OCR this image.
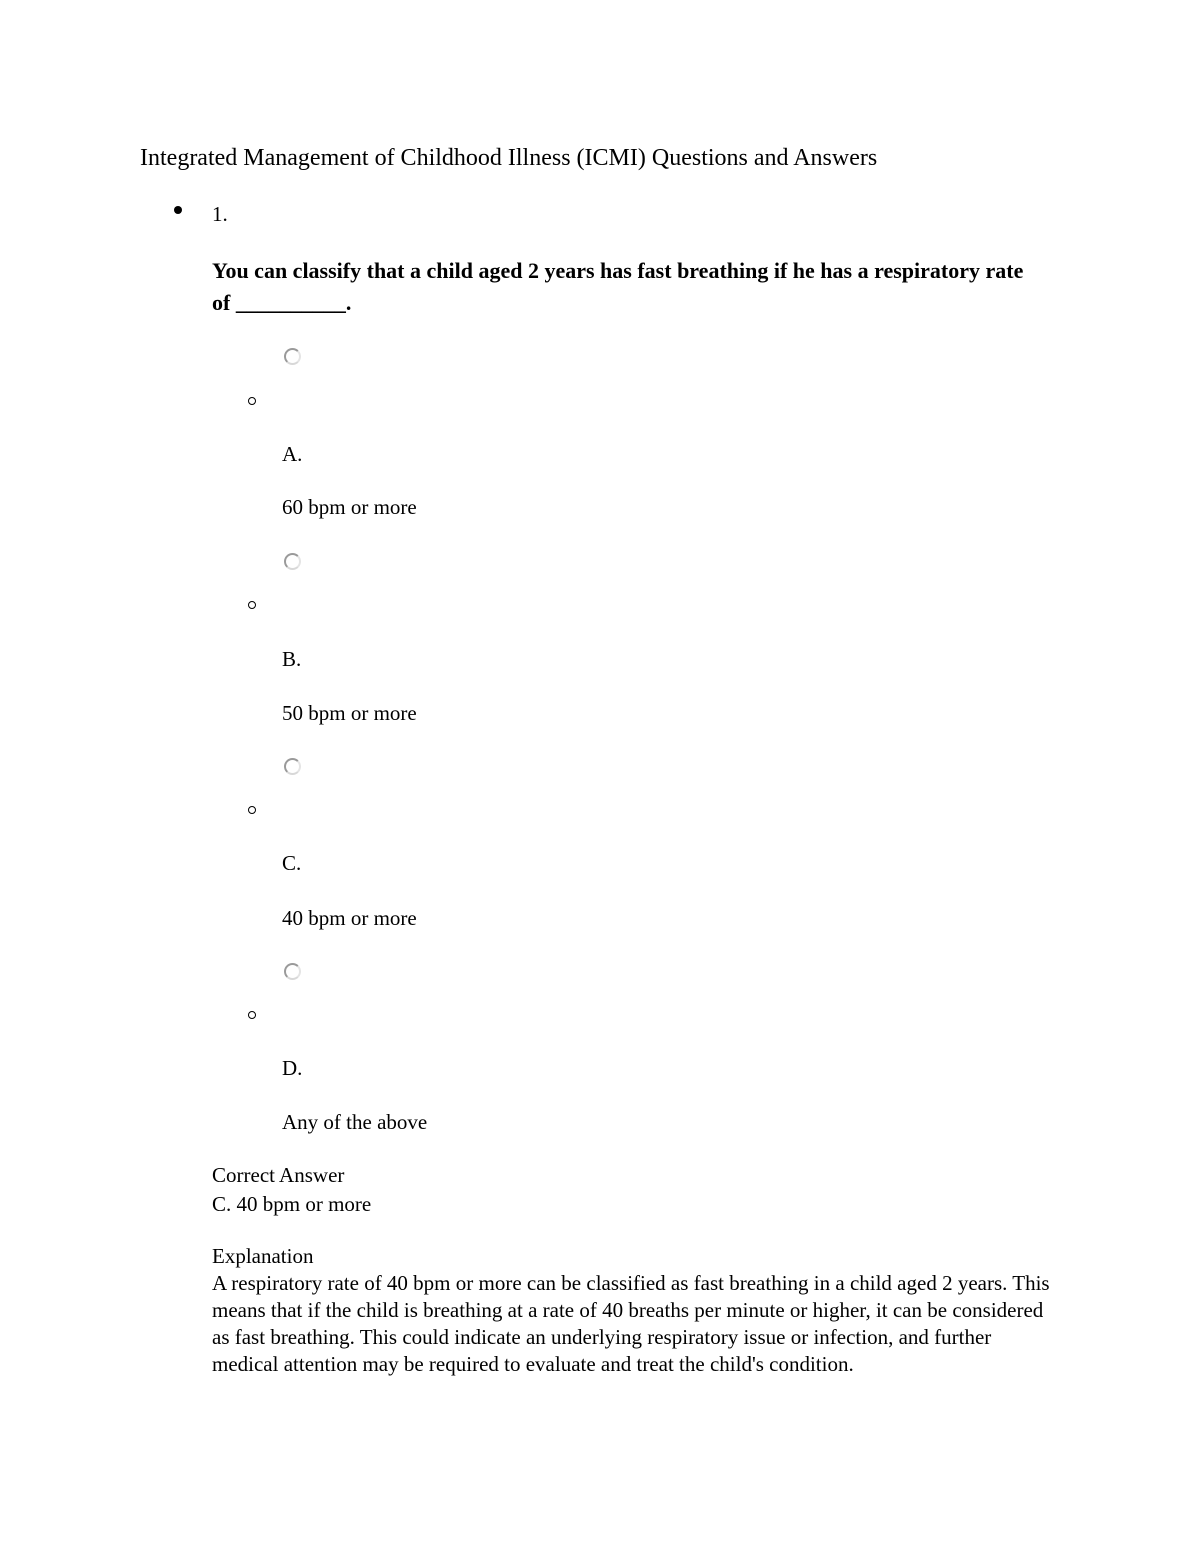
Integrated Management of Childhood Illness (ICMI) Questions and Answers
1.
You can classify that a child aged 2 years has fast breathing if he has a respiratory rate of __________.
A.
60 bpm or more
B.
50 bpm or more
C.
40 bpm or more
D.
Any of the above
Correct Answer
C. 40 bpm or more
Explanation
A respiratory rate of 40 bpm or more can be classified as fast breathing in a child aged 2 years. This means that if the child is breathing at a rate of 40 breaths per minute or higher, it can be considered as fast breathing. This could indicate an underlying respiratory issue or infection, and further medical attention may be required to evaluate and treat the child's condition.
